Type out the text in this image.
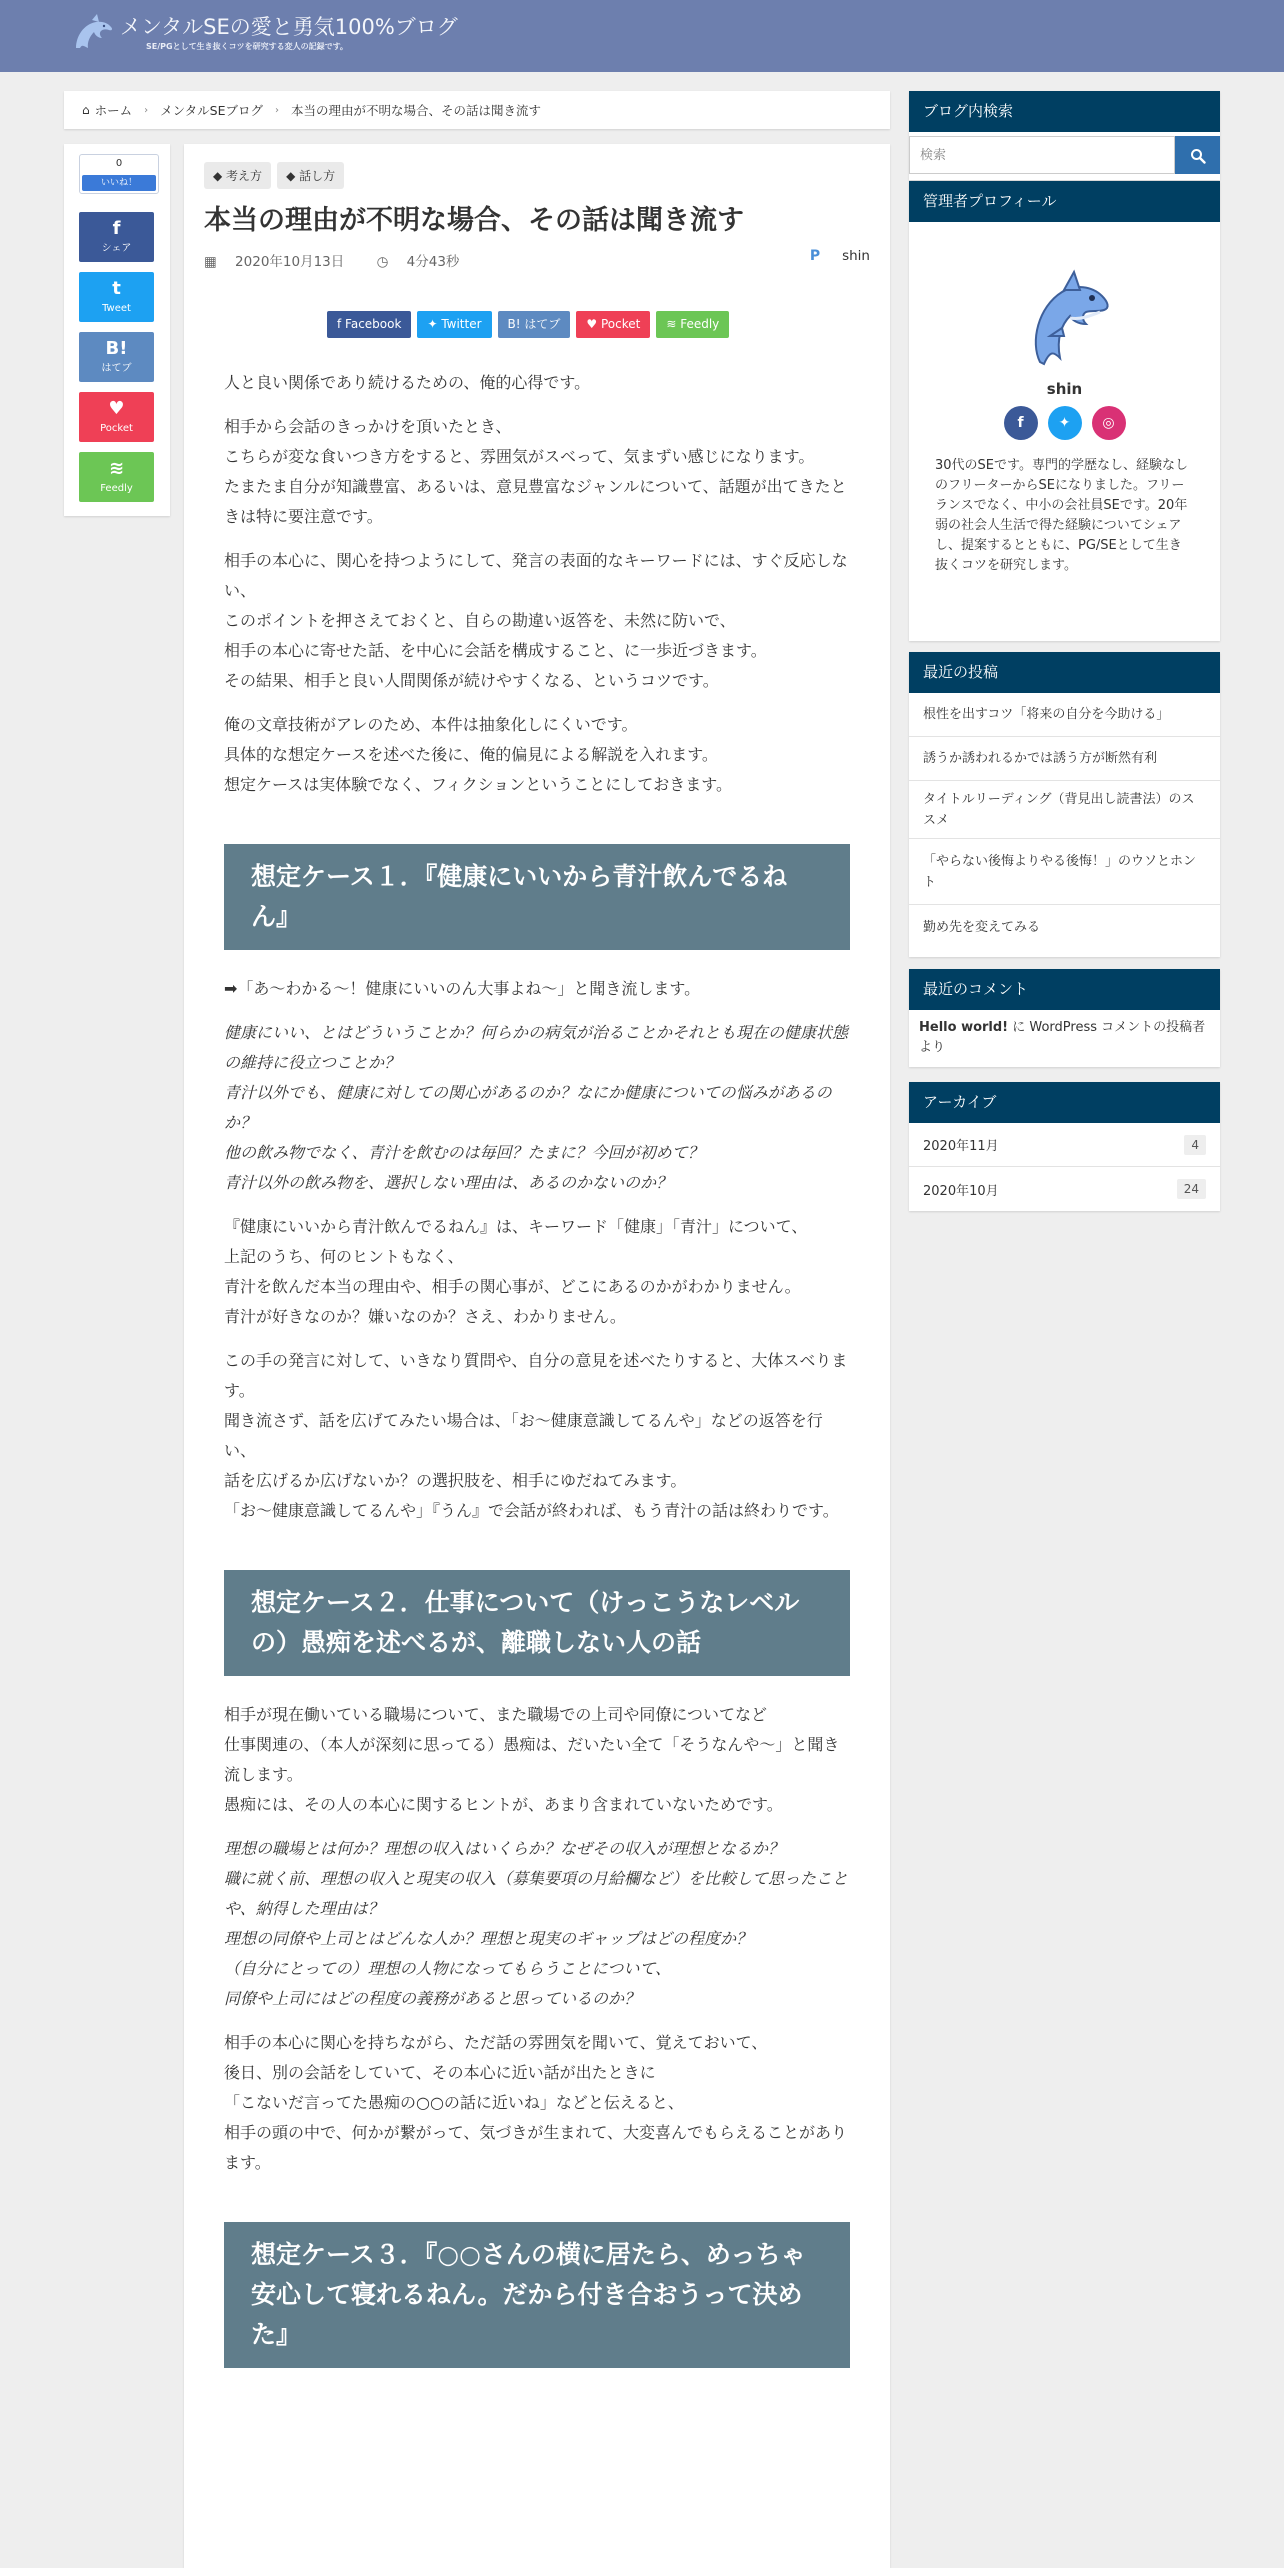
メンタルSEの愛と勇気100%ブログ
SE/PGとして生き抜くコツを研究する変人の記録です。
⌂ ホーム › メンタルSEブログ › 本当の理由が不明な場合、その話は聞き流す
0
いいね！
f
シェア
t
Tweet
B!
はてブ
♥
Pocket
≋
Feedly
◆ 考え方	◆ 話し方
本当の理由が不明な場合、その話は聞き流す
▦ 2020年10月13日 ◷ 4分43秒	P shin
f Facebook	✦ Twitter	B! はてブ	♥ Pocket	≋ Feedly

人と良い関係であり続けるための、俺的心得です。

相手から会話のきっかけを頂いたとき、
こちらが変な食いつき方をすると、雰囲気がスベって、気まずい感じになります。
たまたま自分が知識豊富、あるいは、意見豊富なジャンルについて、話題が出てきたときは特に要注意です。

相手の本心に、関心を持つようにして、発言の表面的なキーワードには、すぐ反応しない、
このポイントを押さえておくと、自らの勘違い返答を、未然に防いで、
相手の本心に寄せた話、を中心に会話を構成すること、に一歩近づきます。
その結果、相手と良い人間関係が続けやすくなる、というコツです。

俺の文章技術がアレのため、本件は抽象化しにくいです。
具体的な想定ケースを述べた後に、俺的偏見による解説を入れます。
想定ケースは実体験でなく、フィクションということにしておきます。

想定ケース１．『健康にいいから青汁飲んでるねん』

➡「あ〜わかる〜！健康にいいのん大事よね〜」と聞き流します。

健康にいい、とはどういうことか？何らかの病気が治ることかそれとも現在の健康状態の維持に役立つことか？
青汁以外でも、健康に対しての関心があるのか？なにか健康についての悩みがあるのか？
他の飲み物でなく、青汁を飲むのは毎回？たまに？今回が初めて？
青汁以外の飲み物を、選択しない理由は、あるのかないのか？

『健康にいいから青汁飲んでるねん』は、キーワード「健康」「青汁」について、
上記のうち、何のヒントもなく、
青汁を飲んだ本当の理由や、相手の関心事が、どこにあるのかがわかりません。
青汁が好きなのか？嫌いなのか？さえ、わかりません。

この手の発言に対して、いきなり質問や、自分の意見を述べたりすると、大体スベります。
聞き流さず、話を広げてみたい場合は、「お〜健康意識してるんや」などの返答を行い、
話を広げるか広げないか？の選択肢を、相手にゆだねてみます。
「お〜健康意識してるんや」『うん』で会話が終われば、もう青汁の話は終わりです。

想定ケース２．仕事について（けっこうなレベルの）愚痴を述べるが、離職しない人の話

相手が現在働いている職場について、また職場での上司や同僚についてなど
仕事関連の、（本人が深刻に思ってる）愚痴は、だいたい全て「そうなんや〜」と聞き流します。
愚痴には、その人の本心に関するヒントが、あまり含まれていないためです。

理想の職場とは何か？理想の収入はいくらか？なぜその収入が理想となるか？
職に就く前、理想の収入と現実の収入（募集要項の月給欄など）を比較して思ったことや、納得した理由は？
理想の同僚や上司とはどんな人か？理想と現実のギャップはどの程度か？
（自分にとっての）理想の人物になってもらうことについて、
同僚や上司にはどの程度の義務があると思っているのか？

相手の本心に関心を持ちながら、ただ話の雰囲気を聞いて、覚えておいて、
後日、別の会話をしていて、その本心に近い話が出たときに
「こないだ言ってた愚痴の○○の話に近いね」などと伝えると、
相手の頭の中で、何かが繋がって、気づきが生まれて、大変喜んでもらえることがあります。

想定ケース３．『○○さんの横に居たら、めっちゃ安心して寝れるねん。だから付き合おうって決めた』
ブログ内検索
検索
管理者プロフィール
shin
f	✦	◎
30代のSEです。専門的学歴なし、経験なしのフリーターからSEになりました。フリーランスでなく、中小の会社員SEです。20年弱の社会人生活で得た経験についてシェアし、提案するとともに、PG/SEとして生き抜くコツを研究します。
最近の投稿
根性を出すコツ「将来の自分を今助ける」
誘うか誘われるかでは誘う方が断然有利
タイトルリーディング（背見出し読書法）のススメ
「やらない後悔よりやる後悔！」のウソとホント
勤め先を変えてみる
最近のコメント
Hello world! に WordPress コメントの投稿者 より
アーカイブ
2020年11月	4
2020年10月	24
